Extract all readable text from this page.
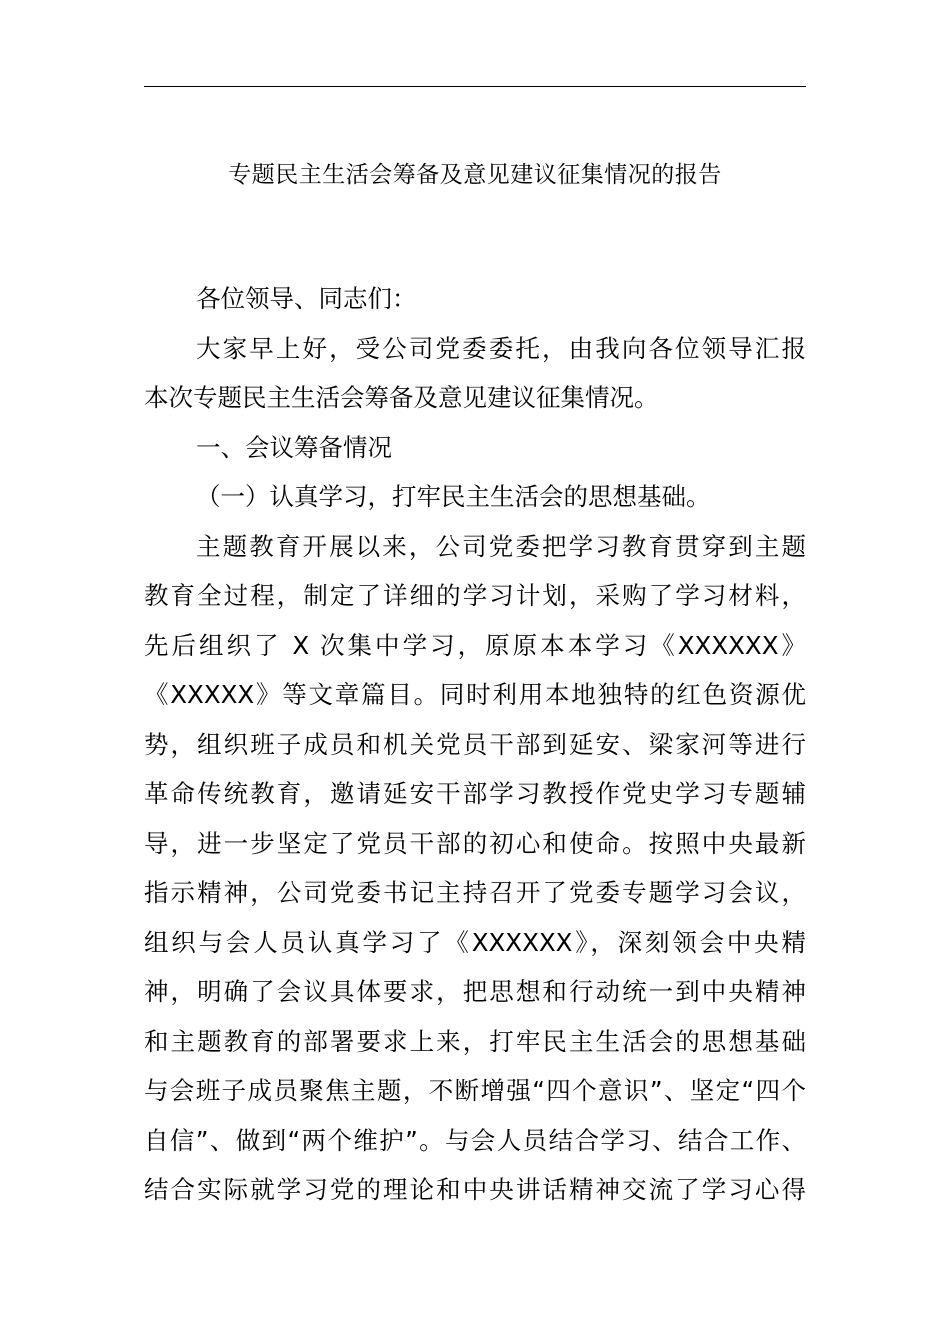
专题民主生活会筹备及意见建议征集情况的报告
各位领导、同志们：
大家早上好，受公司党委委托，由我向各位领导汇报
本次专题民主生活会筹备及意见建议征集情况。
一、会议筹备情况
（一）认真学习，打牢民主生活会的思想基础。
主题教育开展以来，公司党委把学习教育贯穿到主题
教育全过程，制定了详细的学习计划，采购了学习材料，
先后组织了 X 次集中学习，原原本本学习《XXXXXX》
《XXXXX》等文章篇目。同时利用本地独特的红色资源优
势，组织班子成员和机关党员干部到延安、梁家河等进行
革命传统教育，邀请延安干部学习教授作党史学习专题辅
导，进一步坚定了党员干部的初心和使命。按照中央最新
指示精神，公司党委书记主持召开了党委专题学习会议，
组织与会人员认真学习了《XXXXXX》，深刻领会中央精
神，明确了会议具体要求，把思想和行动统一到中央精神
和主题教育的部署要求上来，打牢民主生活会的思想基础
与会班子成员聚焦主题，不断增强“四个意识”、坚定“四个
自信”、做到“两个维护”。与会人员结合学习、结合工作、
结合实际就学习党的理论和中央讲话精神交流了学习心得
